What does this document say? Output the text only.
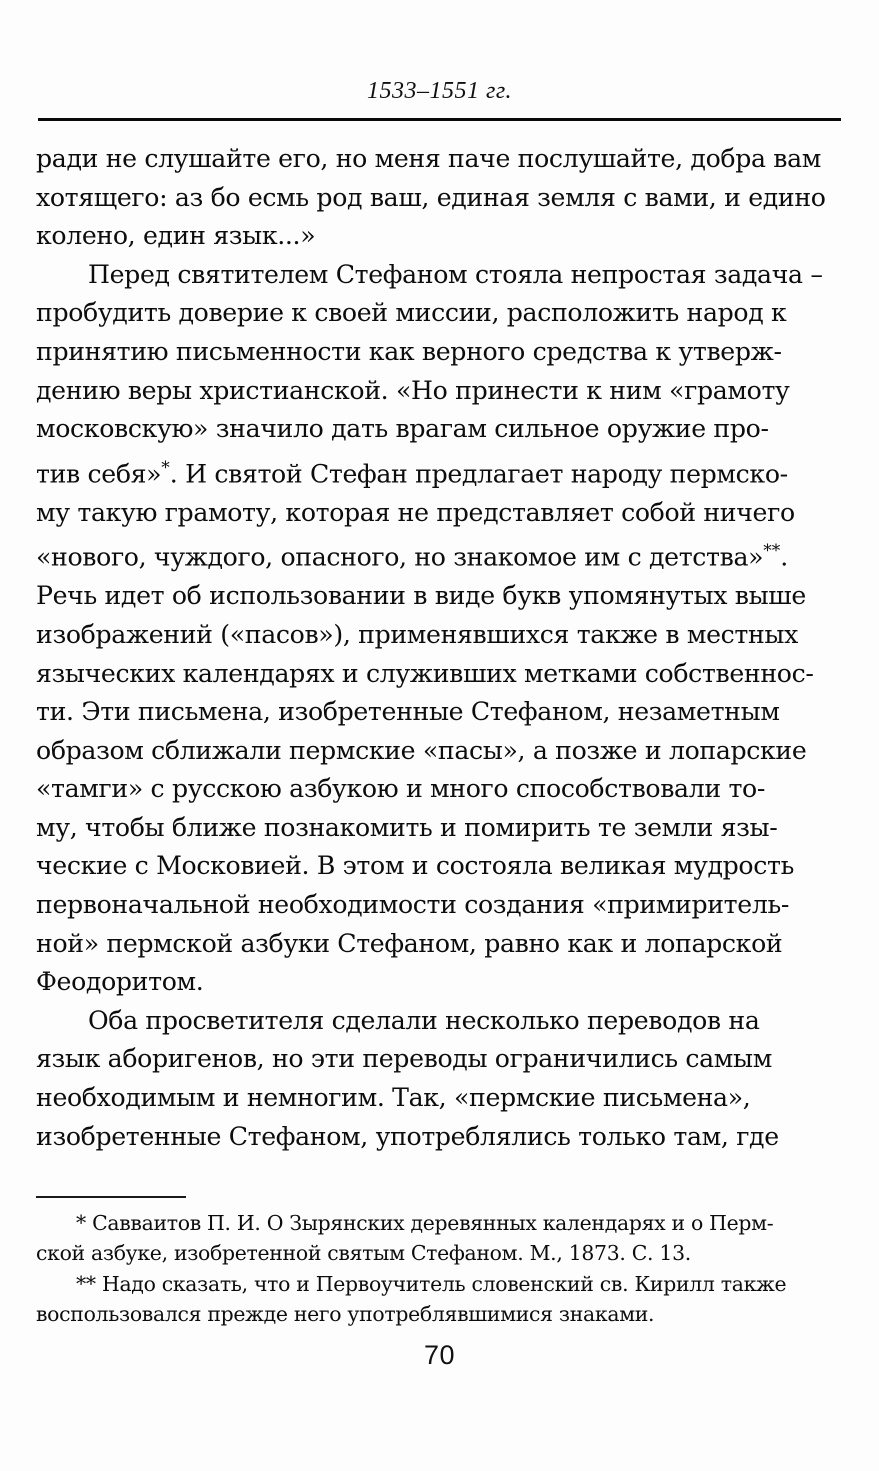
1533–1551 гг.
ради не слушайте его, но меня паче послушайте, добра вам
хотящего: аз бо есмь род ваш, единая земля с вами, и едино
колено, един язык...»
Перед святителем Стефаном стояла непростая задача –
пробудить доверие к своей миссии, расположить народ к
принятию письменности как верного средства к утверж-
дению веры христианской. «Но принести к ним «грамоту
московскую» значило дать врагам сильное оружие про-
тив себя»*. И святой Стефан предлагает народу пермско-
му такую грамоту, которая не представляет собой ничего
«нового, чуждого, опасного, но знакомое им с детства»**.
Речь идет об использовании в виде букв упомянутых выше
изображений («пасов»), применявшихся также в местных
языческих календарях и служивших метками собственнос-
ти. Эти письмена, изобретенные Стефаном, незаметным
образом сближали пермские «пасы», а позже и лопарские
«тамги» с русскою азбукою и много способствовали то-
му, чтобы ближе познакомить и помирить те земли язы-
ческие с Московией. В этом и состояла великая мудрость
первоначальной необходимости создания «примиритель-
ной» пермской азбуки Стефаном, равно как и лопарской
Феодоритом.
Оба просветителя сделали несколько переводов на
язык аборигенов, но эти переводы ограничились самым
необходимым и немногим. Так, «пермские письмена»,
изобретенные Стефаном, употреблялись только там, где
* Савваитов П. И. О Зырянских деревянных календарях и о Перм-
ской азбуке, изобретенной святым Стефаном. М., 1873. С. 13.
** Надо сказать, что и Первоучитель словенский св. Кирилл также
воспользовался прежде него употреблявшимися знаками.
70
